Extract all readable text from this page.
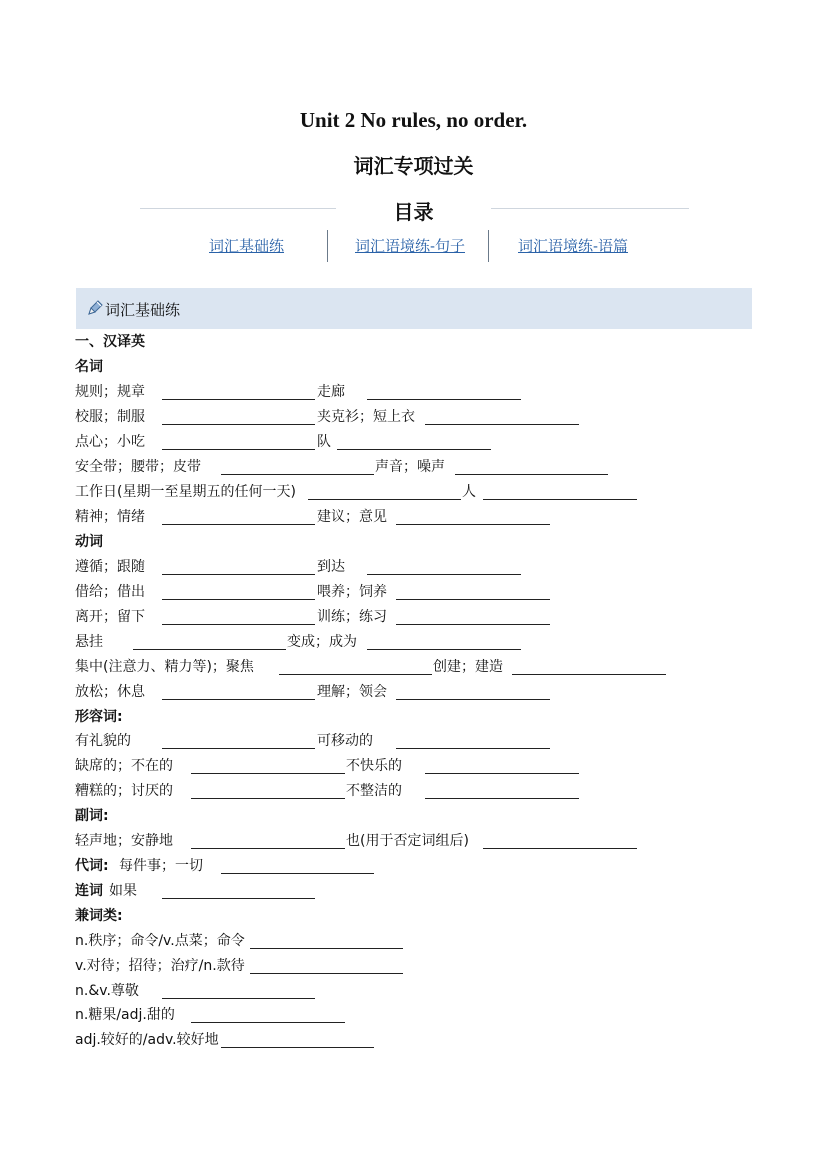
Unit 2 No rules, no order.
词汇专项过关
目录
词汇基础练	词汇语境练-句子	词汇语境练-语篇
词汇基础练
一、汉译英
名词
规则；规章	走廊
校服；制服	夹克衫；短上衣
点心；小吃	队
安全带；腰带；皮带	声音；噪声
工作日(星期一至星期五的任何一天)	人
精神；情绪	建议；意见
动词
遵循；跟随	到达
借给；借出	喂养；饲养
离开；留下	训练；练习
悬挂	变成；成为
集中(注意力、精力等)；聚焦	创建；建造
放松；休息	理解；领会
形容词:
有礼貌的	可移动的
缺席的；不在的	不快乐的
糟糕的；讨厌的	不整洁的
副词:
轻声地；安静地	也(用于否定词组后)
代词: 每件事；一切
连词 如果
兼词类:
n.秩序；命令/v.点菜；命令
v.对待；招待；治疗/n.款待
n.&v.尊敬
n.糖果/adj.甜的
adj.较好的/adv.较好地
